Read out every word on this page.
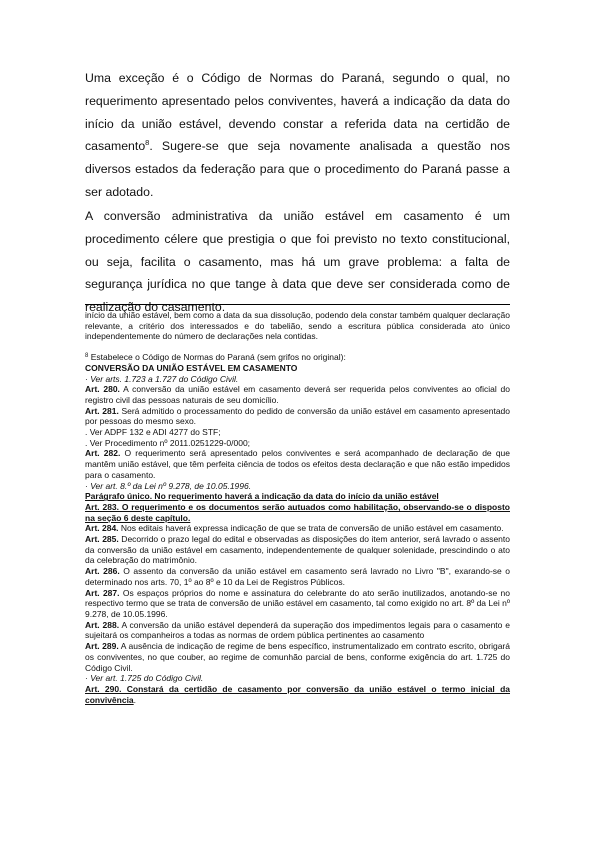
Uma exceção é o Código de Normas do Paraná, segundo o qual, no requerimento apresentado pelos conviventes, haverá a indicação da data do início da união estável, devendo constar a referida data na certidão de casamento$^8$. Sugere-se que seja novamente analisada a questão nos diversos estados da federação para que o procedimento do Paraná passe a ser adotado.
A conversão administrativa da união estável em casamento é um procedimento célere que prestigia o que foi previsto no texto constitucional, ou seja, facilita o casamento, mas há um grave problema: a falta de segurança jurídica no que tange à data que deve ser considerada como de realização do casamento.

início da união estável, bem como a data da sua dissolução, podendo dela constar também qualquer declaração relevante, a critério dos interessados e do tabelião, sendo a escritura pública considerada ato único independentemente do número de declarações nela contidas.

$^8$ Estabelece o Código de Normas do Paraná (sem grifos no original):

CONVERSÃO DA UNIÃO ESTÁVEL EM CASAMENTO

· Ver arts. 1.723 a 1.727 do Código Civil.

Art. 280. A conversão da união estável em casamento deverá ser requerida pelos conviventes ao oficial do registro civil das pessoas naturais de seu domicílio.

Art. 281. Será admitido o processamento do pedido de conversão da união estável em casamento apresentado por pessoas do mesmo sexo.

. Ver ADPF 132 e ADI 4277 do STF;

. Ver Procedimento nº 2011.0251229-0/000;

Art. 282. O requerimento será apresentado pelos conviventes e será acompanhado de declaração de que mantêm união estável, que têm perfeita ciência de todos os efeitos desta declaração e que não estão impedidos para o casamento.

· Ver art. 8.º da Lei nº 9.278, de 10.05.1996.

Parágrafo único. No requerimento haverá a indicação da data do início da união estável

Art. 283. O requerimento e os documentos serão autuados como habilitação, observando-se o disposto na seção 6 deste capítulo.

Art. 284. Nos editais haverá expressa indicação de que se trata de conversão de união estável em casamento.

Art. 285. Decorrido o prazo legal do edital e observadas as disposições do item anterior, será lavrado o assento da conversão da união estável em casamento, independentemente de qualquer solenidade, prescindindo o ato da celebração do matrimônio.

Art. 286. O assento da conversão da união estável em casamento será lavrado no Livro "B", exarando-se o determinado nos arts. 70, 1º ao 8º e 10 da Lei de Registros Públicos.

Art. 287. Os espaços próprios do nome e assinatura do celebrante do ato serão inutilizados, anotando-se no respectivo termo que se trata de conversão de união estável em casamento, tal como exigido no art. 8º da Lei nº 9.278, de 10.05.1996.

Art. 288. A conversão da união estável dependerá da superação dos impedimentos legais para o casamento e sujeitará os companheiros a todas as normas de ordem pública pertinentes ao casamento

Art. 289. A ausência de indicação de regime de bens específico, instrumentalizado em contrato escrito, obrigará os conviventes, no que couber, ao regime de comunhão parcial de bens, conforme exigência do art. 1.725 do Código Civil.

· Ver art. 1.725 do Código Civil.

Art. 290. Constará da certidão de casamento por conversão da união estável o termo inicial da convivência.
